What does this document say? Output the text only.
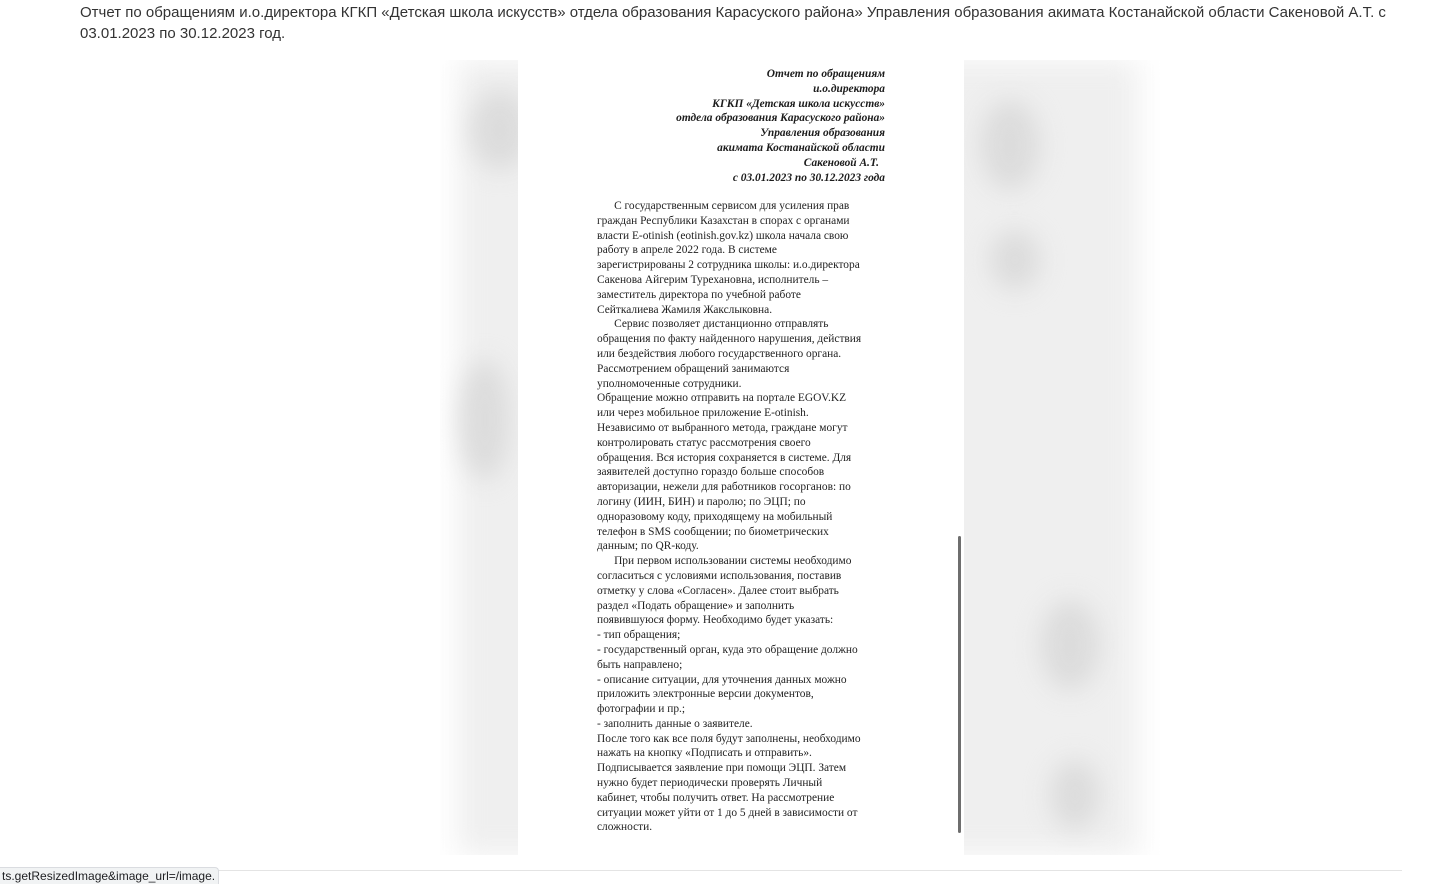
Отчет по обращениям и.о.директора КГКП «Детская школа искусств» отдела образования Карасуского района» Управления образования акимата Костанайской области Сакеновой А.Т. с 03.01.2023 по 30.12.2023 год.

Отчет по обращениям
и.о.директора
КГКП «Детская школа искусств»
отдела образования Карасуского района»
Управления образования
акимата Костанайской области
Сакеновой А.Т.
с 03.01.2023 по 30.12.2023 года
С государственным сервисом для усиления прав
граждан Республики Казахстан в спорах с органами
власти E-otinish (eotinish.gov.kz) школа начала свою
работу в апреле 2022 года. В системе
зарегистрированы 2 сотрудника школы: и.о.директора
Сакенова Айгерим Турехановна, исполнитель –
заместитель директора по учебной работе
Сейткалиева Жамиля Жакслыковна.
Сервис позволяет дистанционно отправлять
обращения по факту найденного нарушения, действия
или бездействия любого государственного органа.
Рассмотрением обращений занимаются
уполномоченные сотрудники.
Обращение можно отправить на портале EGOV.KZ
или через мобильное приложение E-otinish.
Независимо от выбранного метода, граждане могут
контролировать статус рассмотрения своего
обращения. Вся история сохраняется в системе. Для
заявителей доступно гораздо больше способов
авторизации, нежели для работников госорганов: по
логину (ИИН, БИН) и паролю; по ЭЦП; по
одноразовому коду, приходящему на мобильный
телефон в SMS сообщении; по биометрических
данным; по QR-коду.
При первом использовании системы необходимо
согласиться с условиями использования, поставив
отметку у слова «Согласен». Далее стоит выбрать
раздел «Подать обращение» и заполнить
появившуюся форму. Необходимо будет указать:
- тип обращения;
- государственный орган, куда это обращение должно
быть направлено;
- описание ситуации, для уточнения данных можно
приложить электронные версии документов,
фотографии и пр.;
- заполнить данные о заявителе.
После того как все поля будут заполнены, необходимо
нажать на кнопку «Подписать и отправить».
Подписывается заявление при помощи ЭЦП. Затем
нужно будет периодически проверять Личный
кабинет, чтобы получить ответ. На рассмотрение
ситуации может уйти от 1 до 5 дней в зависимости от
сложности.
ts.getResizedImage&image_url=/image.
